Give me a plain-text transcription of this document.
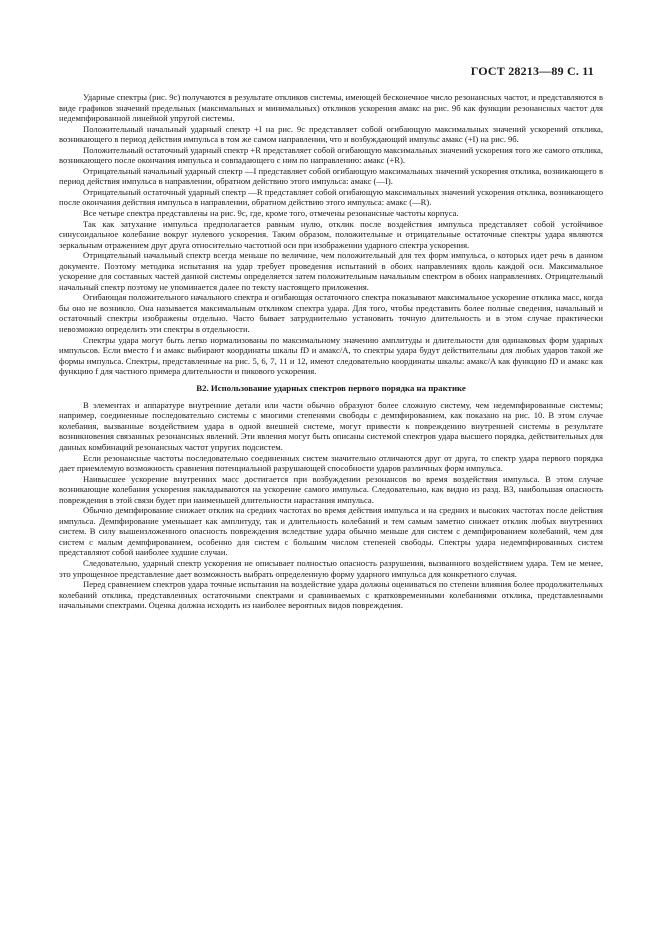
ГОСТ 28213—89 С. 11

Ударные спектры (рис. 9с) получаются в результате откликов системы, имеющей бесконечное число резонансных частот, и представляются в виде графиков значений предельных (максимальных и минимальных) откликов ускорения aмакс на рис. 9б как функции резонансных частот для недемпфированной линейной упругой системы.

Положительный начальный ударный спектр +I на рис. 9с представляет собой огибающую максимальных значений ускорений отклика, возникающего в период действия импульса в том же самом направлении, что и возбуждающий импульс aмакс (+I) на рис. 9б.

Положительный остаточный ударный спектр +R представляет собой огибающую максимальных значений ускорения того же самого отклика, возникающего после окончания импульса и совпадающего с ним по направлению: aмакс (+R).

Отрицательный начальный ударный спектр —I представляет собой огибающую максимальных значений ускорения отклика, возникающего в период действия импульса в направлении, обратном действию этого импульса: aмакс (—I).

Отрицательный остаточный ударный спектр —R представляет собой огибающую максимальных значений ускорения отклика, возникающего после окончания действия импульса в направлении, обратном действию этого импульса: aмакс (—R).

Все четыре спектра представлены на рис. 9с, где, кроме того, отмечены резонансные частоты корпуса.

Так как затухание импульса предполагается равным нулю, отклик после воздействия импульса представляет собой устойчивое синусоидальное колебание вокруг нулевого ускорения. Таким образом, положительные и отрицательные остаточные спектры удара являются зеркальным отражением друг друга относительно частотной оси при изображении ударного спектра ускорения.

Отрицательный начальный спектр всегда меньше по величине, чем положительный для тех форм импульса, о которых идет речь в данном документе. Поэтому методика испытания на удар требует проведения испытаний в обоих направлениях вдоль каждой оси. Максимальное ускорение для составных частей данной системы определяется затем положительным начальным спектром в обоих направлениях. Отрицательный начальный спектр поэтому не упоминается далее по тексту настоящего приложения.

Огибающая положительного начального спектра и огибающая остаточного спектра показывают максимальное ускорение отклика масс, когда бы оно не возникло. Она называется максимальным откликом спектра удара. Для того, чтобы представить более полные сведения, начальный и остаточный спектры изображены отдельно. Часто бывает затруднительно установить точную длительность и в этом случае практически невозможно определить эти спектры в отдельности.

Спектры удара могут быть легко нормализованы по максимальному значению амплитуды и длительности для одинаковых форм ударных импульсов. Если вместо f и aмакс выбирают координаты шкалы fD и aмакс/A, то спектры удара будут действительны для любых ударов такой же формы импульса. Спектры, представленные на рис. 5, 6, 7, 11 и 12, имеют следовательно координаты шкалы: aмакс/A как функцию fD и aмакс как функцию f для частного примера длительности и пикового ускорения.

B2. Использование ударных спектров первого порядка на практике

В элементах и аппаратуре внутренние детали или части обычно образуют более сложную систему, чем недемпфированные системы; например, соединенные последовательно системы с многими степенями свободы с демпфированием, как показано на рис. 10. В этом случае колебания, вызванные воздействием удара в одной внешней системе, могут привести к повреждению внутренней системы в результате возникновения связанных резонансных явлений. Эти явления могут быть описаны системой спектров удара высшего порядка, действительных для данных комбинаций резонансных частот упругих подсистем.

Если резонансные частоты последовательно соединенных систем значительно отличаются друг от друга, то спектр удара первого порядка дает приемлемую возможность сравнения потенциальной разрушающей способности ударов различных форм импульса.

Наивысшее ускорение внутренних масс достигается при возбуждении резонансов во время воздействия импульса. В этом случае возникающие колебания ускорения накладываются на ускорение самого импульса. Следовательно, как видно из разд. В3, наибольшая опасность повреждения в этой связи будет при наименьшей длительности нарастания импульса.

Обычно демпфирование снижает отклик на средних частотах во время действия импульса и на средних и высоких частотах после действия импульса. Демпфирование уменьшает как амплитуду, так и длительность колебаний и тем самым заметно снижает отклик любых внутренних систем. В силу вышеизложенного опасность повреждения вследствие удара обычно меньше для систем с демпфированием колебаний, чем для систем с малым демпфированием, особенно для систем с большим числом степеней свободы. Спектры удара недемпфированных систем представляют собой наиболее худшие случаи.

Следовательно, ударный спектр ускорения не описывает полностью опасность разрушения, вызванного воздействием удара. Тем не менее, это упрощенное представление дает возможность выбрать определенную форму ударного импульса для конкретного случая.

Перед сравнением спектров удара точные испытания на воздействие удара должны оцениваться по степени влияния более продолжительных колебаний отклика, представленных остаточными спектрами и сравниваемых с кратковременными колебаниями отклика, представленными начальными спектрами. Оценка должна исходить из наиболее вероятных видов повреждения.
